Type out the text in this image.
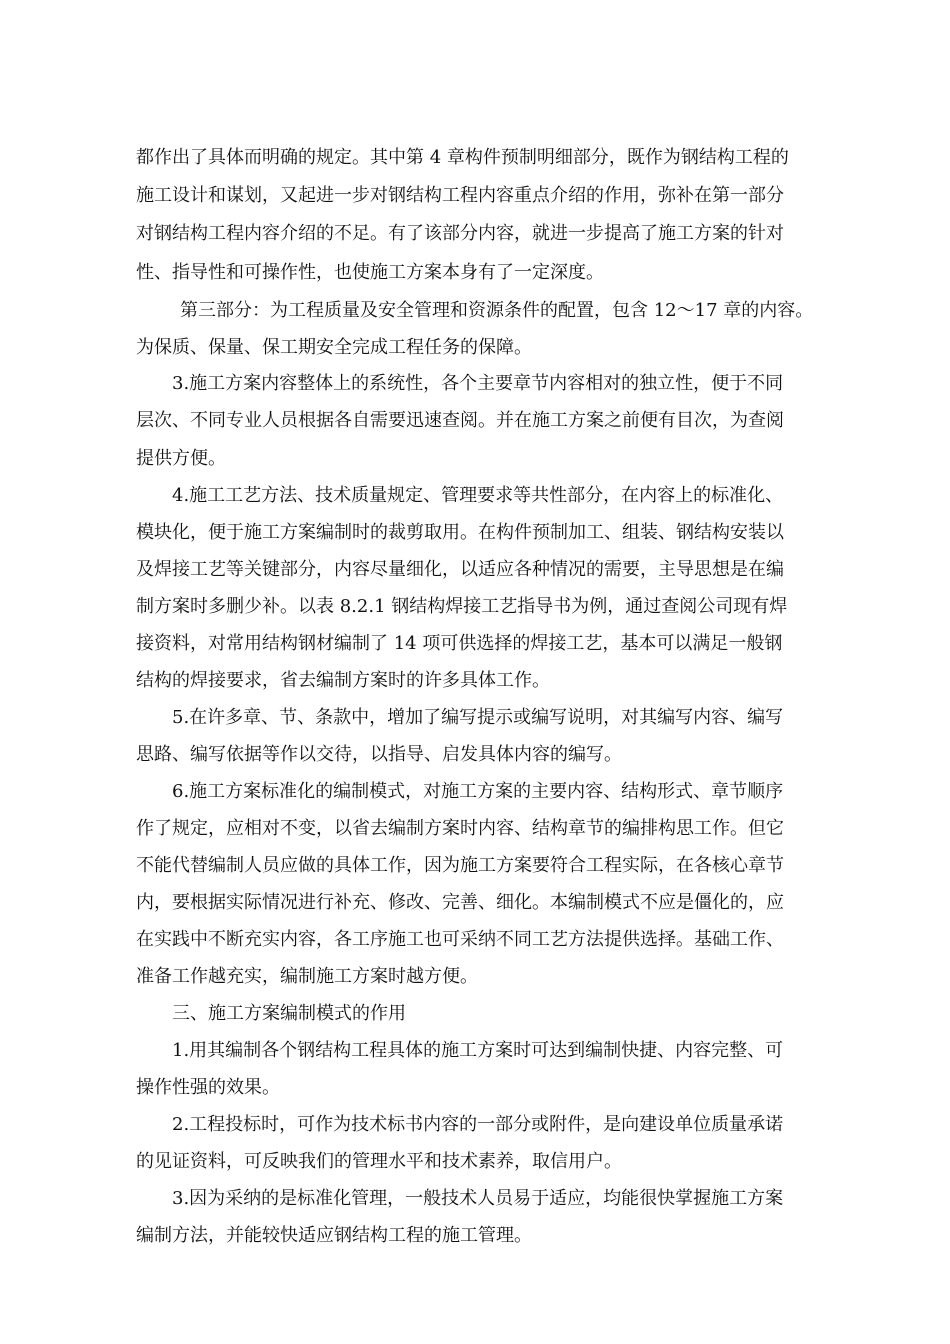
都作出了具体而明确的规定。其中第 4 章构件预制明细部分，既作为钢结构工程的
施工设计和谋划，又起进一步对钢结构工程内容重点介绍的作用，弥补在第一部分
对钢结构工程内容介绍的不足。有了该部分内容，就进一步提高了施工方案的针对
性、指导性和可操作性，也使施工方案本身有了一定深度。
第三部分：为工程质量及安全管理和资源条件的配置，包含 12～17 章的内容。
为保质、保量、保工期安全完成工程任务的保障。
3.施工方案内容整体上的系统性，各个主要章节内容相对的独立性，便于不同
层次、不同专业人员根据各自需要迅速查阅。并在施工方案之前便有目次，为查阅
提供方便。
4.施工工艺方法、技术质量规定、管理要求等共性部分，在内容上的标准化、
模块化，便于施工方案编制时的裁剪取用。在构件预制加工、组装、钢结构安装以
及焊接工艺等关键部分，内容尽量细化，以适应各种情况的需要，主导思想是在编
制方案时多删少补。以表 8.2.1 钢结构焊接工艺指导书为例，通过查阅公司现有焊
接资料，对常用结构钢材编制了 14 项可供选择的焊接工艺，基本可以满足一般钢
结构的焊接要求，省去编制方案时的许多具体工作。
5.在许多章、节、条款中，增加了编写提示或编写说明，对其编写内容、编写
思路、编写依据等作以交待，以指导、启发具体内容的编写。
6.施工方案标准化的编制模式，对施工方案的主要内容、结构形式、章节顺序
作了规定，应相对不变，以省去编制方案时内容、结构章节的编排构思工作。但它
不能代替编制人员应做的具体工作，因为施工方案要符合工程实际，在各核心章节
内，要根据实际情况进行补充、修改、完善、细化。本编制模式不应是僵化的，应
在实践中不断充实内容，各工序施工也可采纳不同工艺方法提供选择。基础工作、
准备工作越充实，编制施工方案时越方便。
三、施工方案编制模式的作用
1.用其编制各个钢结构工程具体的施工方案时可达到编制快捷、内容完整、可
操作性强的效果。
2.工程投标时，可作为技术标书内容的一部分或附件，是向建设单位质量承诺
的见证资料，可反映我们的管理水平和技术素养，取信用户。
3.因为采纳的是标准化管理，一般技术人员易于适应，均能很快掌握施工方案
编制方法，并能较快适应钢结构工程的施工管理。
